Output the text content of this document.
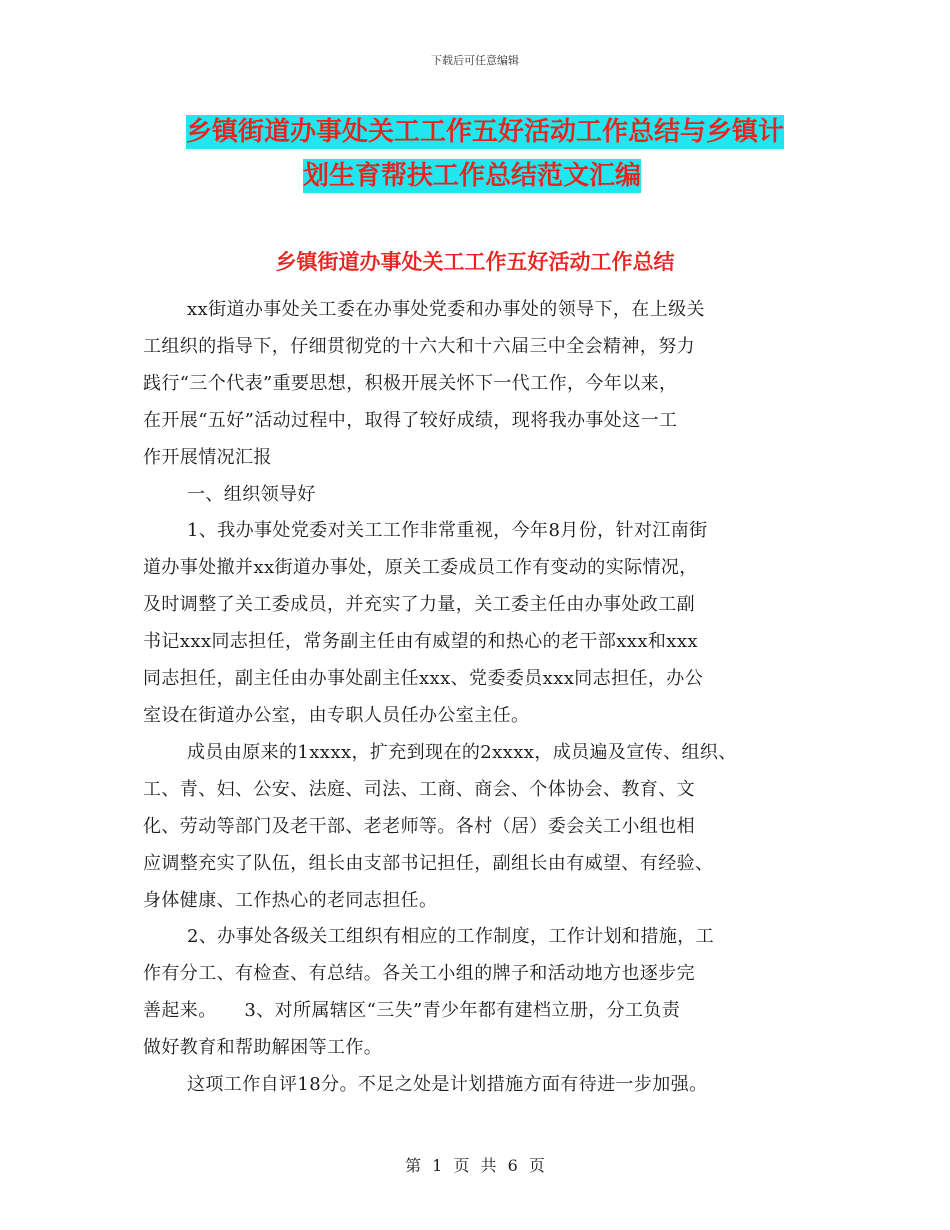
下载后可任意编辑
乡镇街道办事处关工工作五好活动工作总结与乡镇计
划生育帮扶工作总结范文汇编
乡镇街道办事处关工工作五好活动工作总结
xx街道办事处关工委在办事处党委和办事处的领导下，在上级关
工组织的指导下，仔细贯彻党的十六大和十六届三中全会精神，努力
践行“三个代表”重要思想，积极开展关怀下一代工作，今年以来，
在开展“五好”活动过程中，取得了较好成绩，现将我办事处这一工
作开展情况汇报
一、组织领导好
1、我办事处党委对关工工作非常重视，今年8月份，针对江南街
道办事处撤并xx街道办事处，原关工委成员工作有变动的实际情况，
及时调整了关工委成员，并充实了力量，关工委主任由办事处政工副
书记xxx同志担任，常务副主任由有威望的和热心的老干部xxx和xxx
同志担任，副主任由办事处副主任xxx、党委委员xxx同志担任，办公
室设在街道办公室，由专职人员任办公室主任。
成员由原来的1xxxx，扩充到现在的2xxxx，成员遍及宣传、组织、
工、青、妇、公安、法庭、司法、工商、商会、个体协会、教育、文
化、劳动等部门及老干部、老老师等。各村（居）委会关工小组也相
应调整充实了队伍，组长由支部书记担任，副组长由有威望、有经验、
身体健康、工作热心的老同志担任。
2、办事处各级关工组织有相应的工作制度，工作计划和措施，工
作有分工、有检查、有总结。各关工小组的牌子和活动地方也逐步完
善起来。　　3、对所属辖区“三失”青少年都有建档立册，分工负责
做好教育和帮助解困等工作。
这项工作自评18分。不足之处是计划措施方面有待进一步加强。
第 1 页 共 6 页
